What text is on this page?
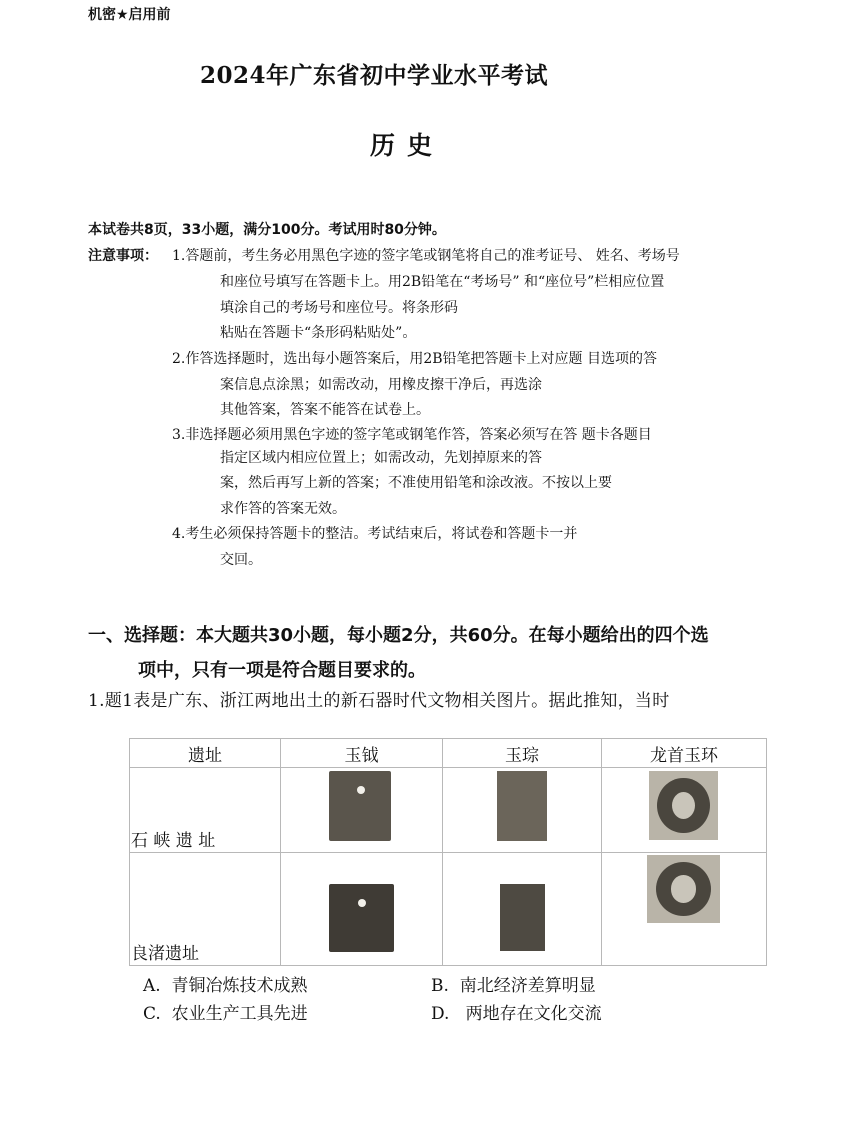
机密★启用前
2024年广东省初中学业水平考试
历史
本试卷共8页，33小题，满分100分。考试用时80分钟。
注意事项： 1.答题前，考生务必用黑色字迹的签字笔或钢笔将自己的准考证号、 姓名、考场号
和座位号填写在答题卡上。用2B铅笔在“考场号” 和“座位号”栏相应位置
填涂自己的考场号和座位号。将条形码
粘贴在答题卡“条形码粘贴处”。
2.作答选择题时，选出每小题答案后，用2B铅笔把答题卡上对应题 目选项的答
案信息点涂黑；如需改动，用橡皮擦干净后，再选涂
其他答案，答案不能答在试卷上。
3.非选择题必须用黑色字迹的签字笔或钢笔作答，答案必须写在答 题卡各题目
指定区域内相应位置上；如需改动，先划掉原来的答
案，然后再写上新的答案；不准使用铅笔和涂改液。不按以上要
求作答的答案无效。
4.考生必须保持答题卡的整洁。考试结束后，将试卷和答题卡一并
交回。
一、选择题：本大题共30小题，每小题2分，共60分。在每小题给出的四个选
项中，只有一项是符合题目要求的。
1.题1表是广东、浙江两地出土的新石器时代文物相关图片。据此推知，当时
遗址	玉钺	玉琮	龙首玉环

石 峡 遗 址			

良渚遗址			

A. 青铜冶炼技术成熟	B. 南北经济差算明显
C. 农业生产工具先进	D.   两地存在文化交流
